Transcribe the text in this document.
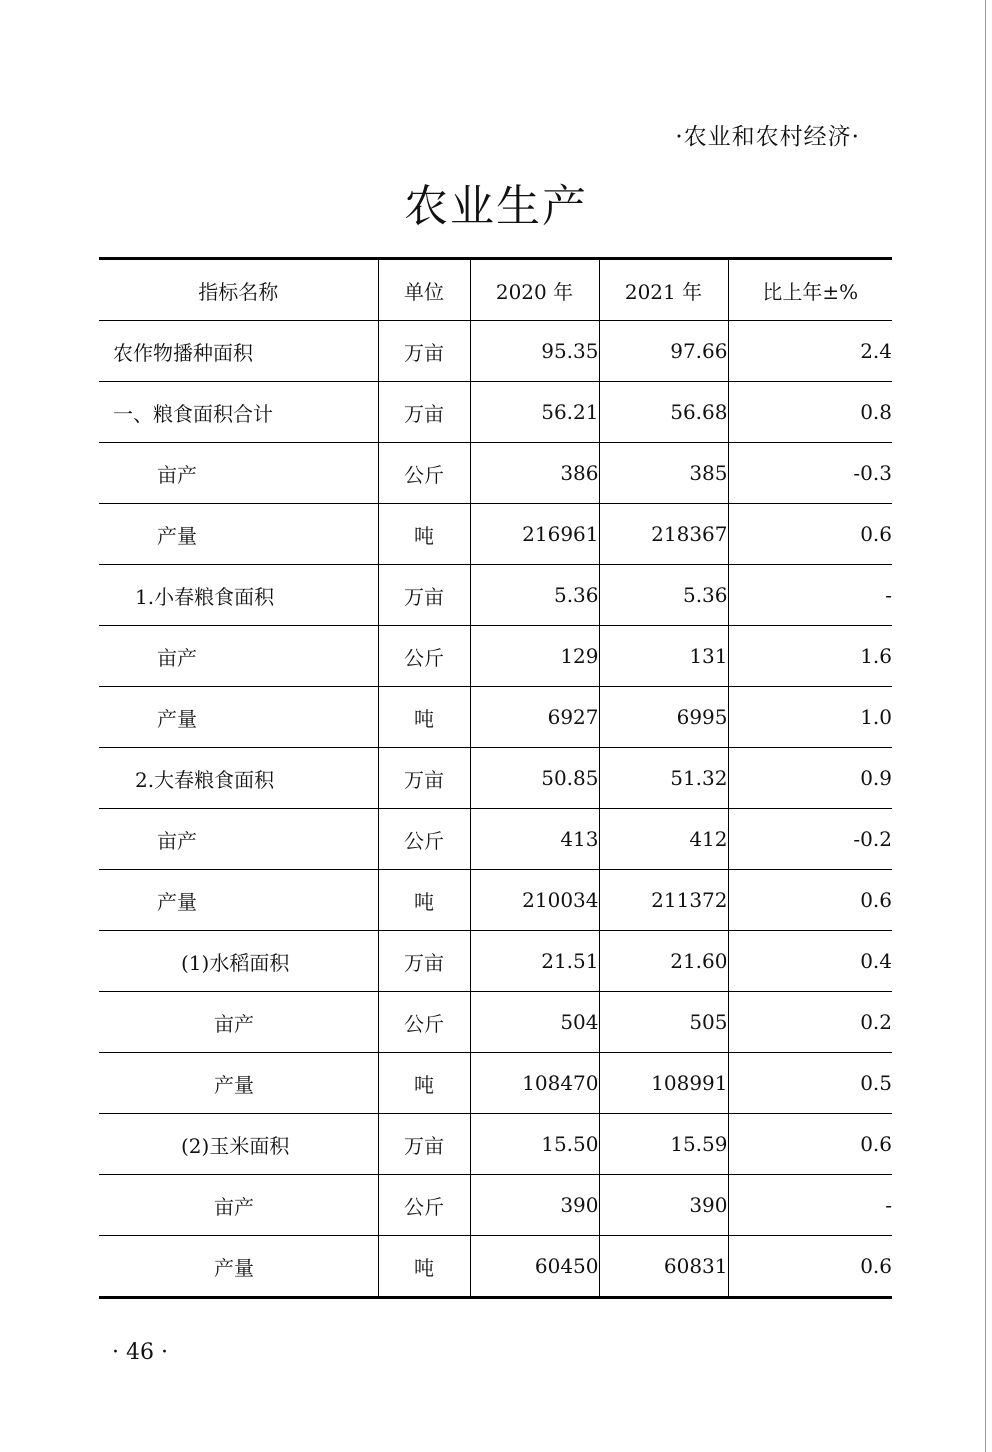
·农业和农村经济·
农业生产
指标名称	单位	2020 年	2021 年	比上年±%
农作物播种面积	万亩	95.35	97.66	2.4
一、粮食面积合计	万亩	56.21	56.68	0.8
亩产	公斤	386	385	-0.3
产量	吨	216961	218367	0.6
1.小春粮食面积	万亩	5.36	5.36	-
亩产	公斤	129	131	1.6
产量	吨	6927	6995	1.0
2.大春粮食面积	万亩	50.85	51.32	0.9
亩产	公斤	413	412	-0.2
产量	吨	210034	211372	0.6
(1)水稻面积	万亩	21.51	21.60	0.4
亩产	公斤	504	505	0.2
产量	吨	108470	108991	0.5
(2)玉米面积	万亩	15.50	15.59	0.6
亩产	公斤	390	390	-
产量	吨	60450	60831	0.6
· 46 ·
